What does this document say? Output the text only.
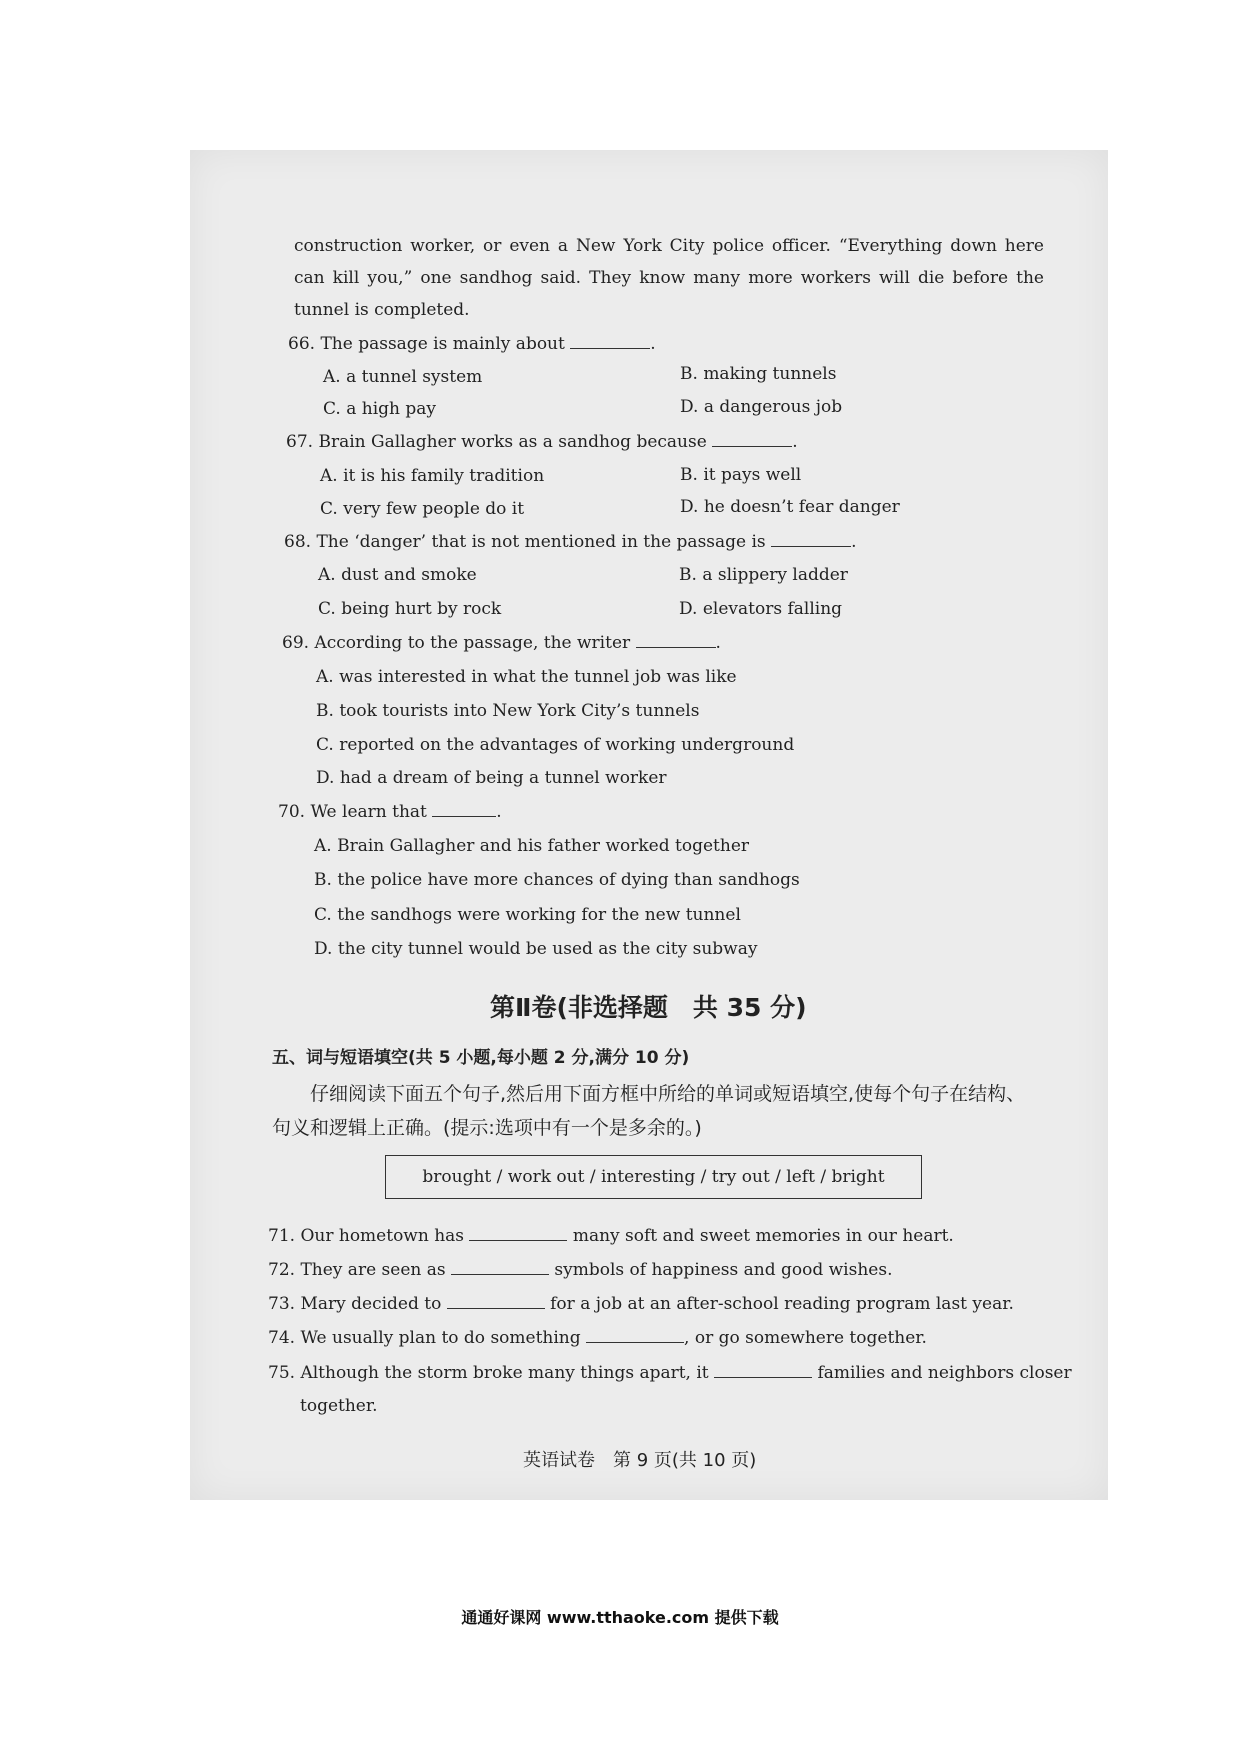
construction worker, or even a New York City police officer. “Everything down here can kill you,” one sandhog said. They know many more workers will die before the tunnel is completed.
66. The passage is mainly about	.
A. a tunnel system	B. making tunnels
C. a high pay	D. a dangerous job
67. Brain Gallagher works as a sandhog because	.
A. it is his family tradition	B. it pays well
C. very few people do it	D. he doesn’t fear danger
68. The ‘danger’ that is not mentioned in the passage is	.
A. dust and smoke	B. a slippery ladder
C. being hurt by rock	D. elevators falling
69. According to the passage, the writer	.
A. was interested in what the tunnel job was like
B. took tourists into New York City’s tunnels
C. reported on the advantages of working underground
D. had a dream of being a tunnel worker
70. We learn that	.
A. Brain Gallagher and his father worked together
B. the police have more chances of dying than sandhogs
C. the sandhogs were working for the new tunnel
D. the city tunnel would be used as the city subway
第Ⅱ卷(非选择题　共 35 分)
五、词与短语填空(共 5 小题,每小题 2 分,满分 10 分)
仔细阅读下面五个句子,然后用下面方框中所给的单词或短语填空,使每个句子在结构、句义和逻辑上正确。(提示:选项中有一个是多余的。)
brought / work out / interesting / try out / left / bright
71. Our hometown has	many soft and sweet memories in our heart.
72. They are seen as	symbols of happiness and good wishes.
73. Mary decided to	for a job at an after-school reading program last year.
74. We usually plan to do something	, or go somewhere together.
75. Although the storm broke many things apart, it	families and neighbors closer
together.
英语试卷　第 9 页(共 10 页)
通通好课网 www.tthaoke.com 提供下载
